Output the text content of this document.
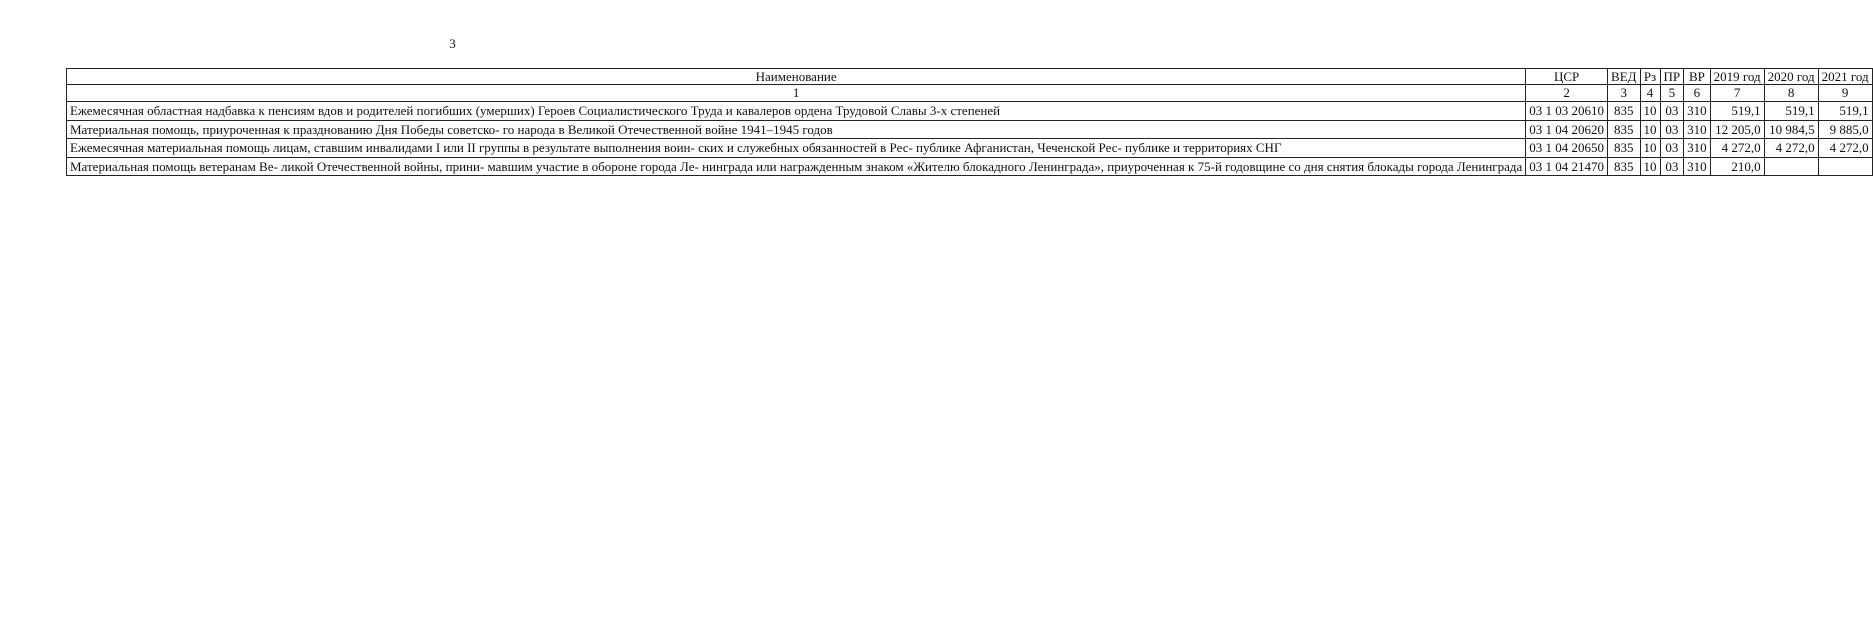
3
Наименование	ЦСР	ВЕД	Рз	ПР	ВР	2019 год	2020 год	2021 год
1	2	3	4	5	6	7	8	9
Ежемесячная областная надбавка к пенсиям вдов и родителей погибших (умерших) Героев Социалистического Труда и кавалеров ордена Трудовой Славы 3-х степеней	03 1 03 20610	835	10	03	310	519,1	519,1	519,1
Материальная помощь, приуроченная к празднованию Дня Победы советско- го народа в Великой Отечественной войне 1941–1945 годов	03 1 04 20620	835	10	03	310	12 205,0	10 984,5	9 885,0
Ежемесячная материальная помощь лицам, ставшим инвалидами I или II группы в результате выполнения воин- ских и служебных обязанностей в Рес- публике Афганистан, Чеченской Рес- публике и территориях СНГ	03 1 04 20650	835	10	03	310	4 272,0	4 272,0	4 272,0
Материальная помощь ветеранам Ве- ликой Отечественной войны, прини- мавшим участие в обороне города Ле- нинграда или награжденным знаком «Жителю блокадного Ленинграда», приуроченная к 75-й годовщине со дня снятия блокады города Ленинграда	03 1 04 21470	835	10	03	310	210,0		
